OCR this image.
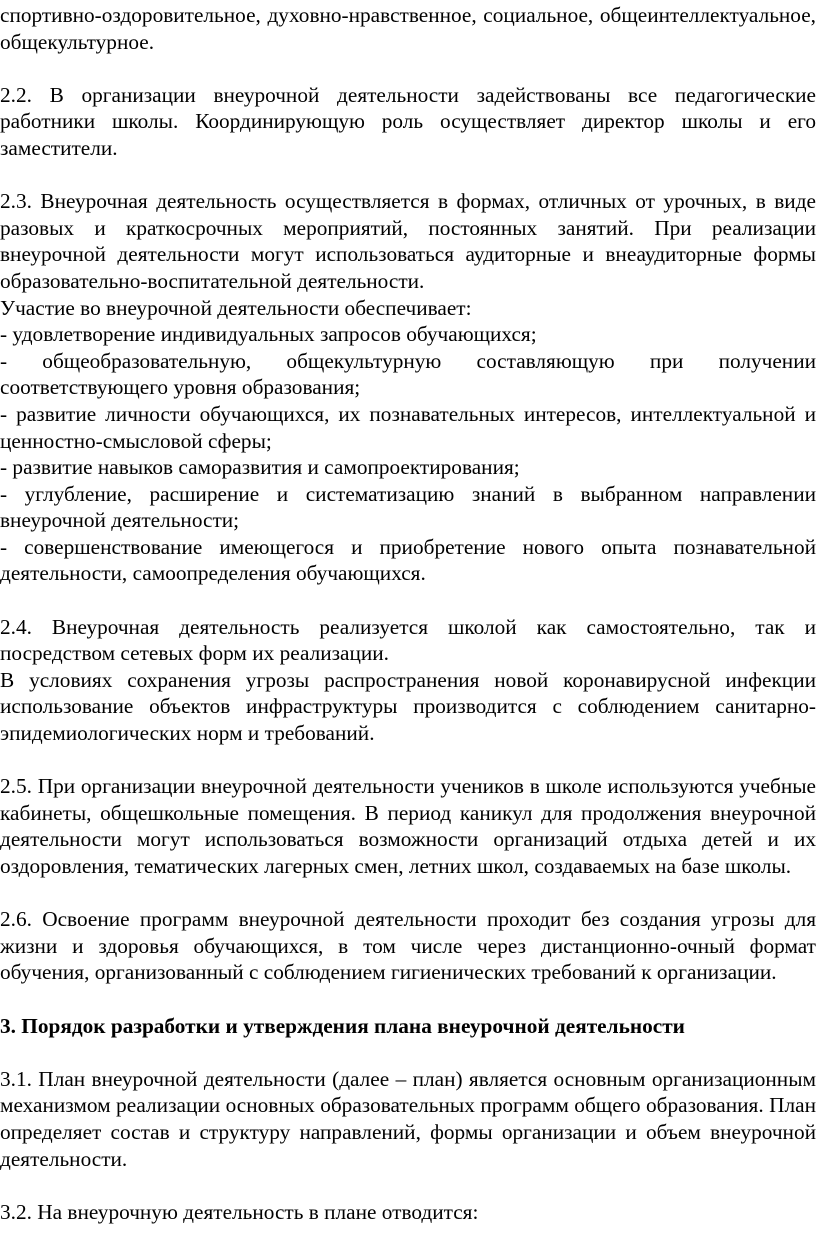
спортивно-оздоровительное, духовно-нравственное, социальное, общеинтеллектуальное, общекультурное.

2.2. В организации внеурочной деятельности задействованы все педагогические работники школы. Координирующую роль осуществляет директор школы и его заместители.

2.3. Внеурочная деятельность осуществляется в формах, отличных от урочных, в виде разовых и краткосрочных мероприятий, постоянных занятий. При реализации внеурочной деятельности могут использоваться аудиторные и внеаудиторные формы образовательно-воспитательной деятельности.

Участие во внеурочной деятельности обеспечивает:

- удовлетворение индивидуальных запросов обучающихся;

- общеобразовательную, общекультурную составляющую при получении соответствующего уровня образования;

- развитие личности обучающихся, их познавательных интересов, интеллектуальной и ценностно-смысловой сферы;

- развитие навыков саморазвития и самопроектирования;

- углубление, расширение и систематизацию знаний в выбранном направлении внеурочной деятельности;

- совершенствование имеющегося и приобретение нового опыта познавательной деятельности, самоопределения обучающихся.

2.4. Внеурочная деятельность реализуется школой как самостоятельно, так и посредством сетевых форм их реализации.

В условиях сохранения угрозы распространения новой коронавирусной инфекции использование объектов инфраструктуры производится с соблюдением санитарно-эпидемиологических норм и требований.

2.5. При организации внеурочной деятельности учеников в школе используются учебные кабинеты, общешкольные помещения. В период каникул для продолжения внеурочной деятельности могут использоваться возможности организаций отдыха детей и их оздоровления, тематических лагерных смен, летних школ, создаваемых на базе школы.

2.6. Освоение программ внеурочной деятельности проходит без создания угрозы для жизни и здоровья обучающихся, в том числе через дистанционно-очный формат обучения, организованный с соблюдением гигиенических требований к организации.

3. Порядок разработки и утверждения плана внеурочной деятельности

3.1. План внеурочной деятельности (далее – план) является основным организационным механизмом реализации основных образовательных программ общего образования. План определяет состав и структуру направлений, формы организации и объем внеурочной деятельности.

3.2. На внеурочную деятельность в плане отводится:
